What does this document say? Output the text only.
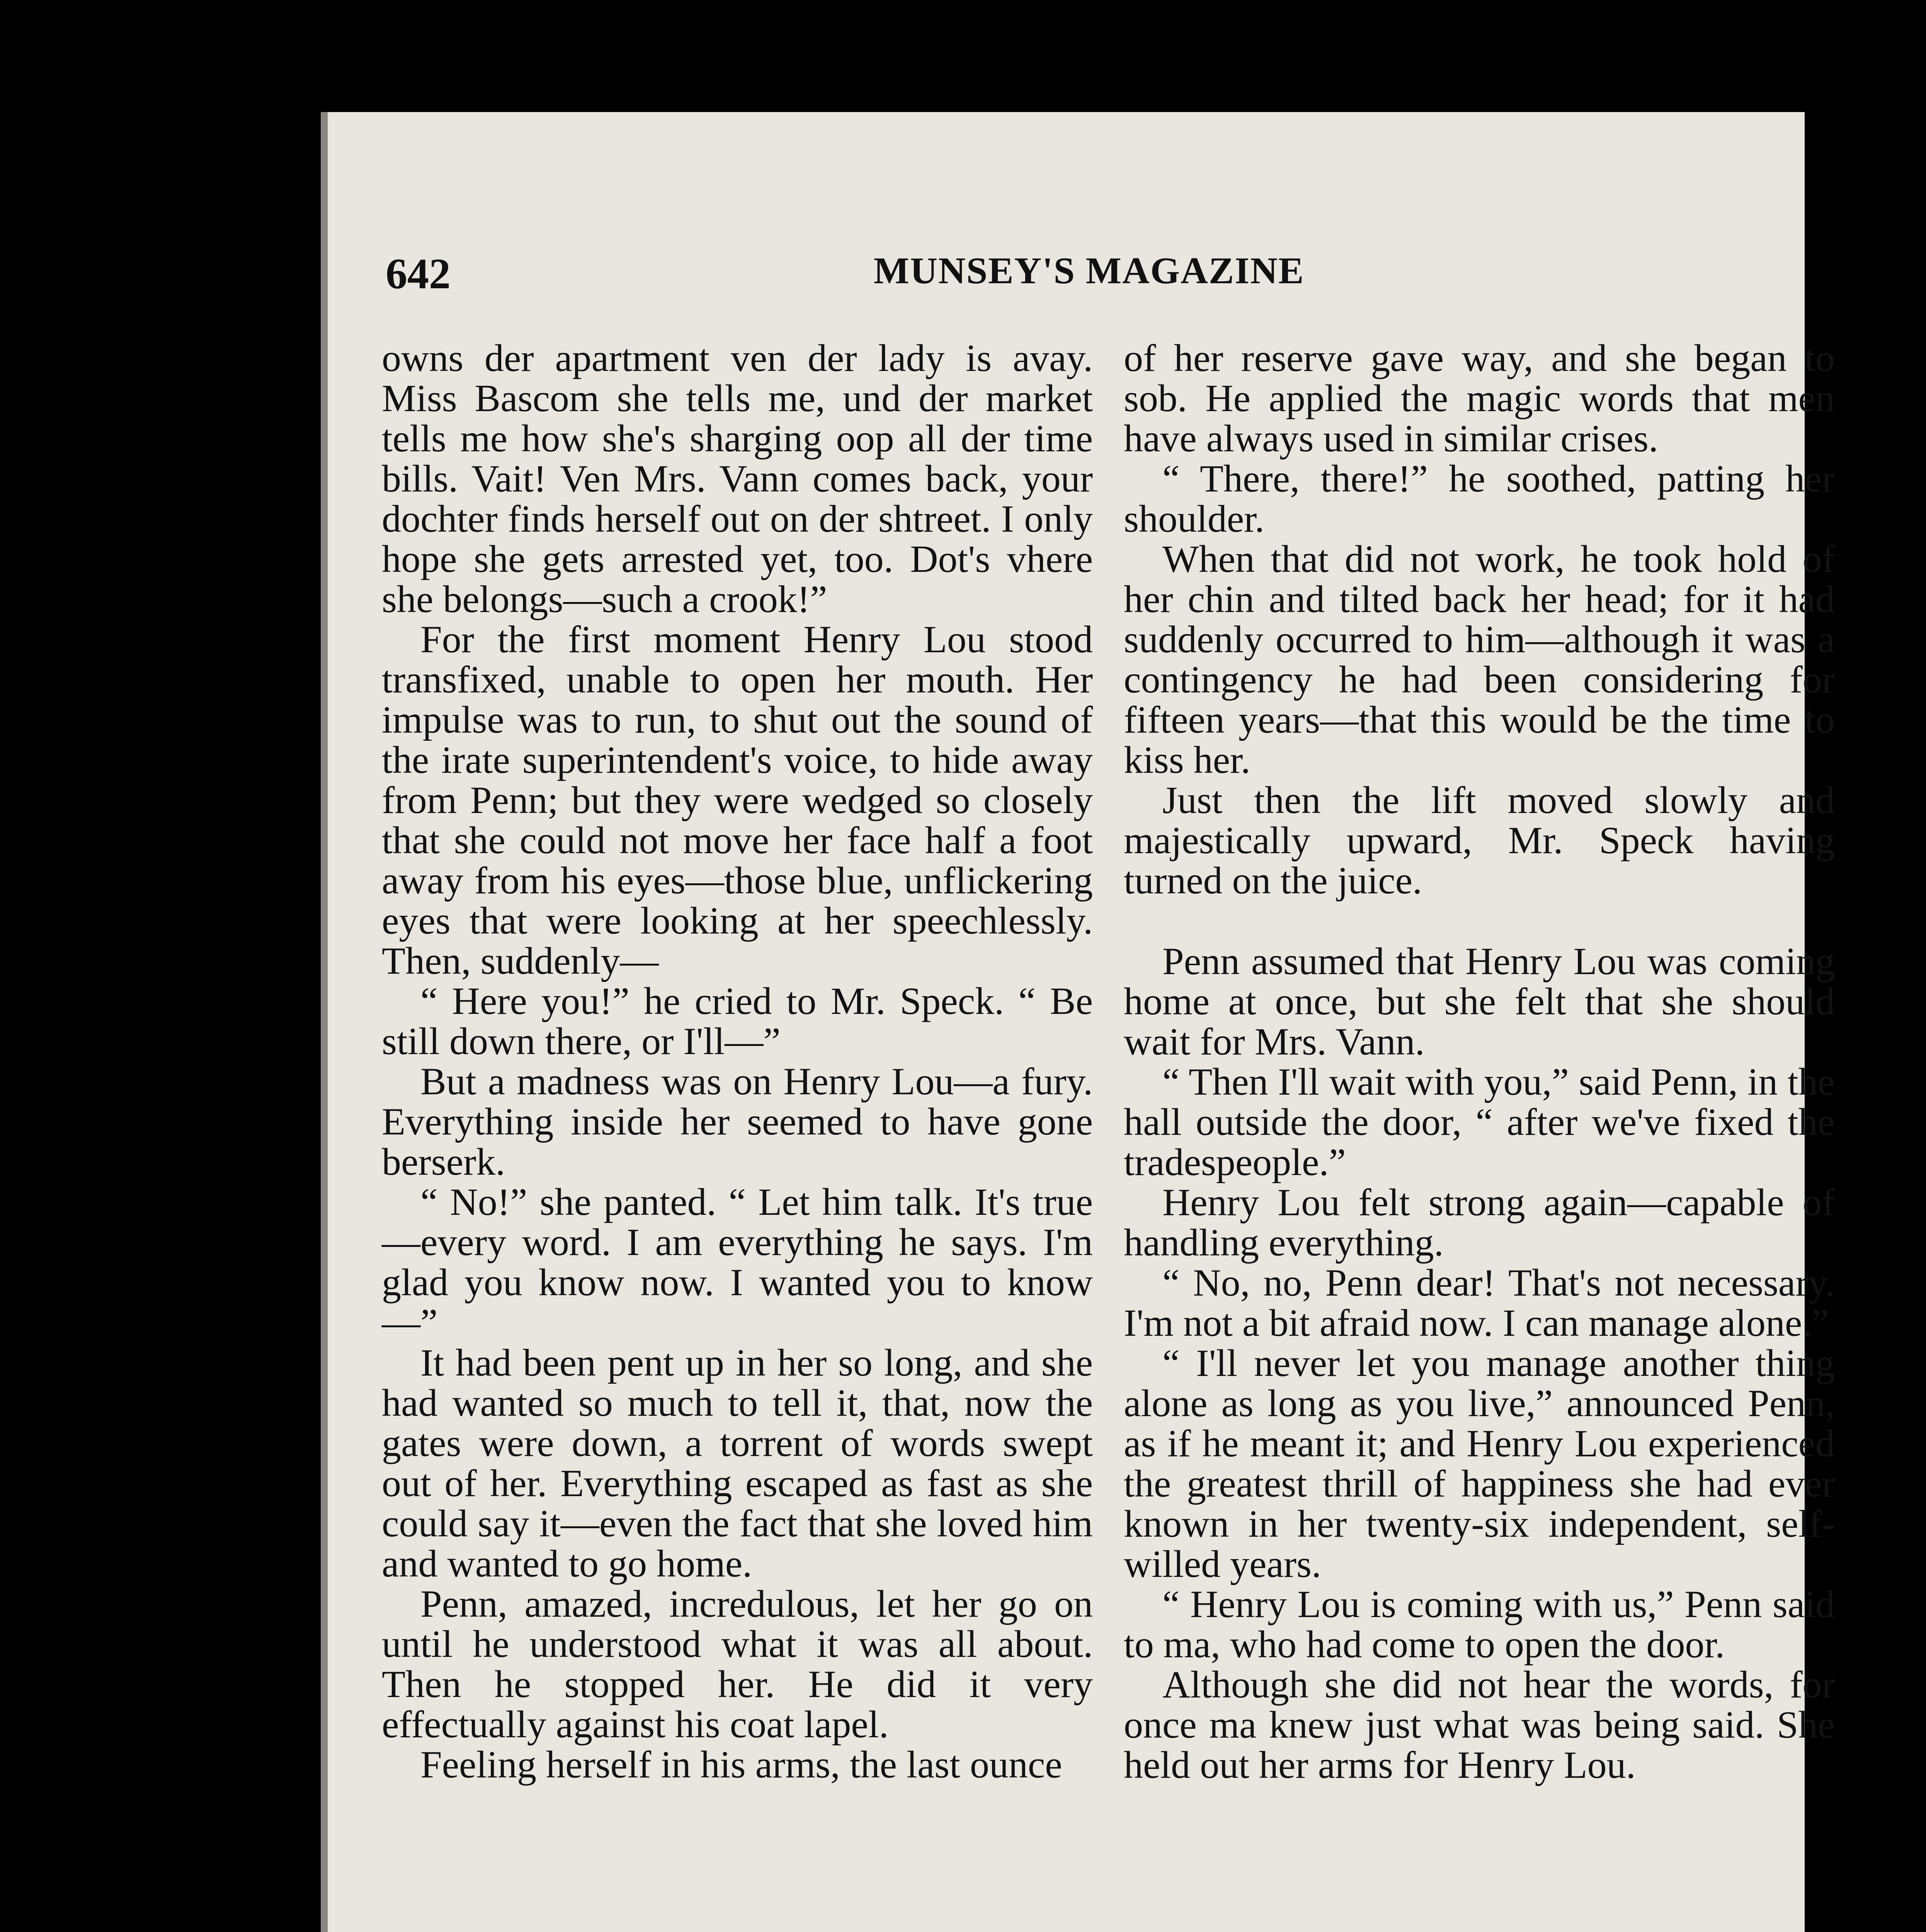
642	MUNSEY'S MAGAZINE

owns der apartment ven der lady is avay. Miss Bascom she tells me, und der market tells me how she's sharging oop all der time bills. Vait! Ven Mrs. Vann comes back, your dochter finds herself out on der shtreet. I only hope she gets arrested yet, too. Dot's vhere she belongs—such a crook!”

For the first moment Henry Lou stood transfixed, unable to open her mouth. Her impulse was to run, to shut out the sound of the irate superintendent's voice, to hide away from Penn; but they were wedged so closely that she could not move her face half a foot away from his eyes—those blue, unflickering eyes that were looking at her speechlessly. Then, suddenly—

“ Here you!” he cried to Mr. Speck. “ Be still down there, or I'll—”

But a madness was on Henry Lou—a fury. Everything inside her seemed to have gone berserk.

“ No!” she panted. “ Let him talk. It's true—every word. I am everything he says. I'm glad you know now. I wanted you to know—”

It had been pent up in her so long, and she had wanted so much to tell it, that, now the gates were down, a torrent of words swept out of her. Everything escaped as fast as she could say it—even the fact that she loved him and wanted to go home.

Penn, amazed, incredulous, let her go on until he understood what it was all about. Then he stopped her. He did it very effectually against his coat lapel.

Feeling herself in his arms, the last ounce

of her reserve gave way, and she began to sob. He applied the magic words that men have always used in similar crises.

“ There, there!” he soothed, patting her shoulder.

When that did not work, he took hold of her chin and tilted back her head; for it had suddenly occurred to him—although it was a contingency he had been considering for fifteen years—that this would be the time to kiss her.

Just then the lift moved slowly and majestically upward, Mr. Speck having turned on the juice.

Penn assumed that Henry Lou was coming home at once, but she felt that she should wait for Mrs. Vann.

“ Then I'll wait with you,” said Penn, in the hall outside the door, “ after we've fixed the tradespeople.”

Henry Lou felt strong again—capable of handling everything.

“ No, no, Penn dear! That's not necessary. I'm not a bit afraid now. I can manage alone.”

“ I'll never let you manage another thing alone as long as you live,” announced Penn, as if he meant it; and Henry Lou experienced the greatest thrill of happiness she had ever known in her twenty-six independent, self-willed years.

“ Henry Lou is coming with us,” Penn said to ma, who had come to open the door.

Although she did not hear the words, for once ma knew just what was being said. She held out her arms for Henry Lou.
